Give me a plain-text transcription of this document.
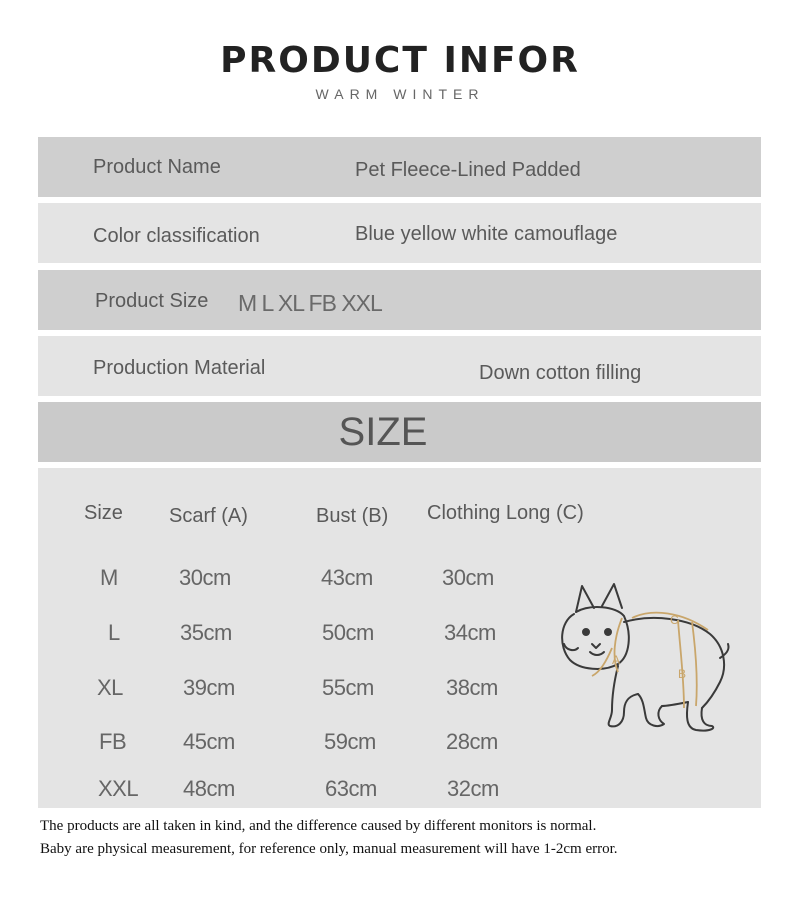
PRODUCT INFOR
WARM WINTER
Product Name	Pet Fleece-Lined Padded
Color classification	Blue yellow white camouflage
Product Size M L XL FB XXL
Production Material	Down cotton filling
SIZE
Size Scarf (A)	Bust (B) Clothing Long (C)
M	30cm	43cm	30cm
L	35cm	50cm	34cm
XL	39cm	55cm	38cm
FB	45cm	59cm	28cm
XXL 48cm	63cm	32cm
A
B
C
The products are all taken in kind, and the difference caused by different monitors is normal.
Baby are physical measurement, for reference only, manual measurement will have 1-2cm error.
